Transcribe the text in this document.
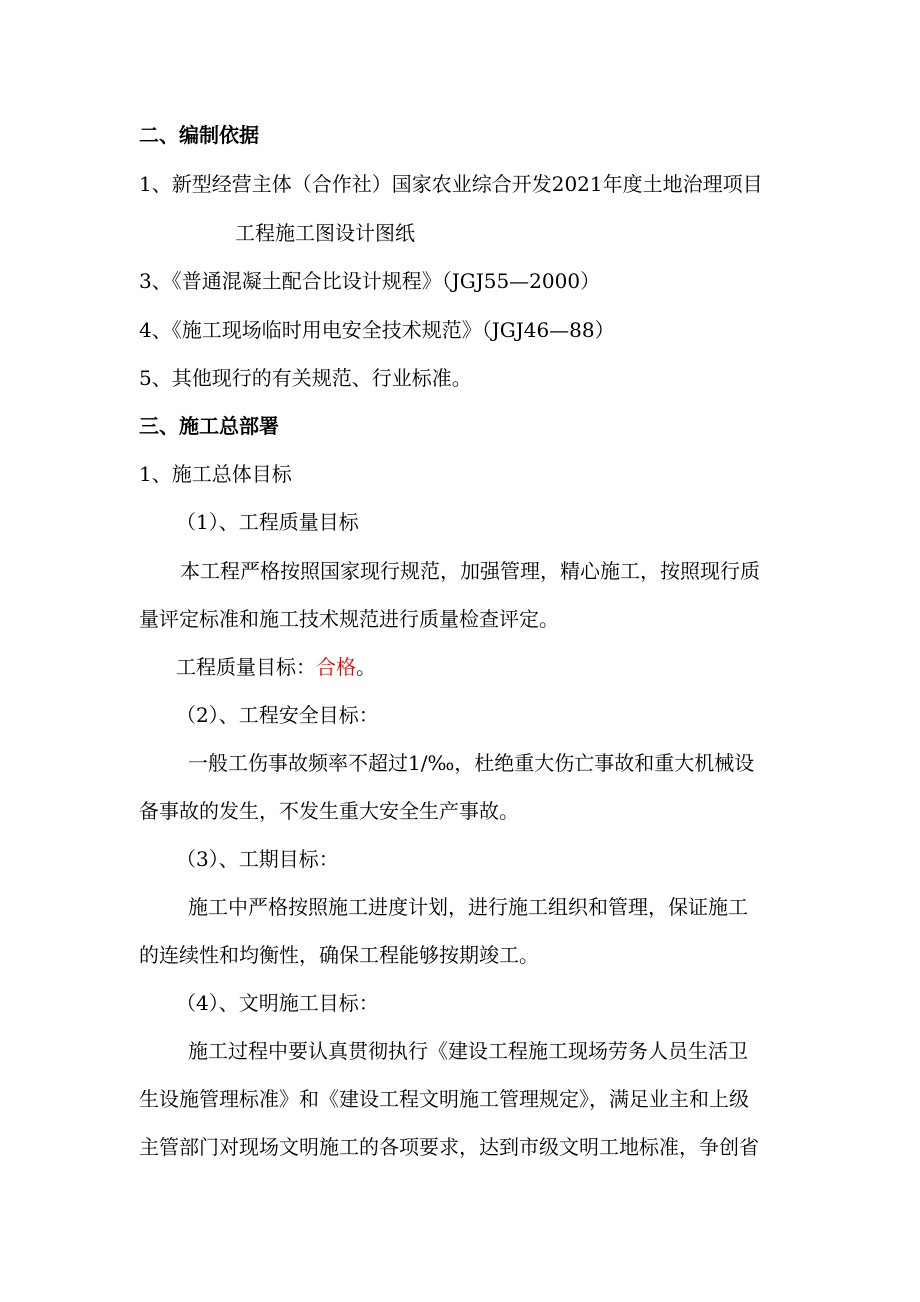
二、编制依据

1、新型经营主体（合作社）国家农业综合开发2021年度土地治理项目

工程施工图设计图纸

3、《普通混凝土配合比设计规程》（JGJ55—2000）

4、《施工现场临时用电安全技术规范》（JGJ46—88）

5、其他现行的有关规范、行业标准。

三、施工总部署

1、施工总体目标

（1）、工程质量目标

本工程严格按照国家现行规范，加强管理，精心施工，按照现行质

量评定标准和施工技术规范进行质量检查评定。

工程质量目标：合格。

（2）、工程安全目标：

一般工伤事故频率不超过1/‰，杜绝重大伤亡事故和重大机械设

备事故的发生，不发生重大安全生产事故。

（3）、工期目标：

施工中严格按照施工进度计划，进行施工组织和管理，保证施工

的连续性和均衡性，确保工程能够按期竣工。

（4）、文明施工目标：

施工过程中要认真贯彻执行《建设工程施工现场劳务人员生活卫

生设施管理标准》和《建设工程文明施工管理规定》，满足业主和上级

主管部门对现场文明施工的各项要求，达到市级文明工地标准，争创省
